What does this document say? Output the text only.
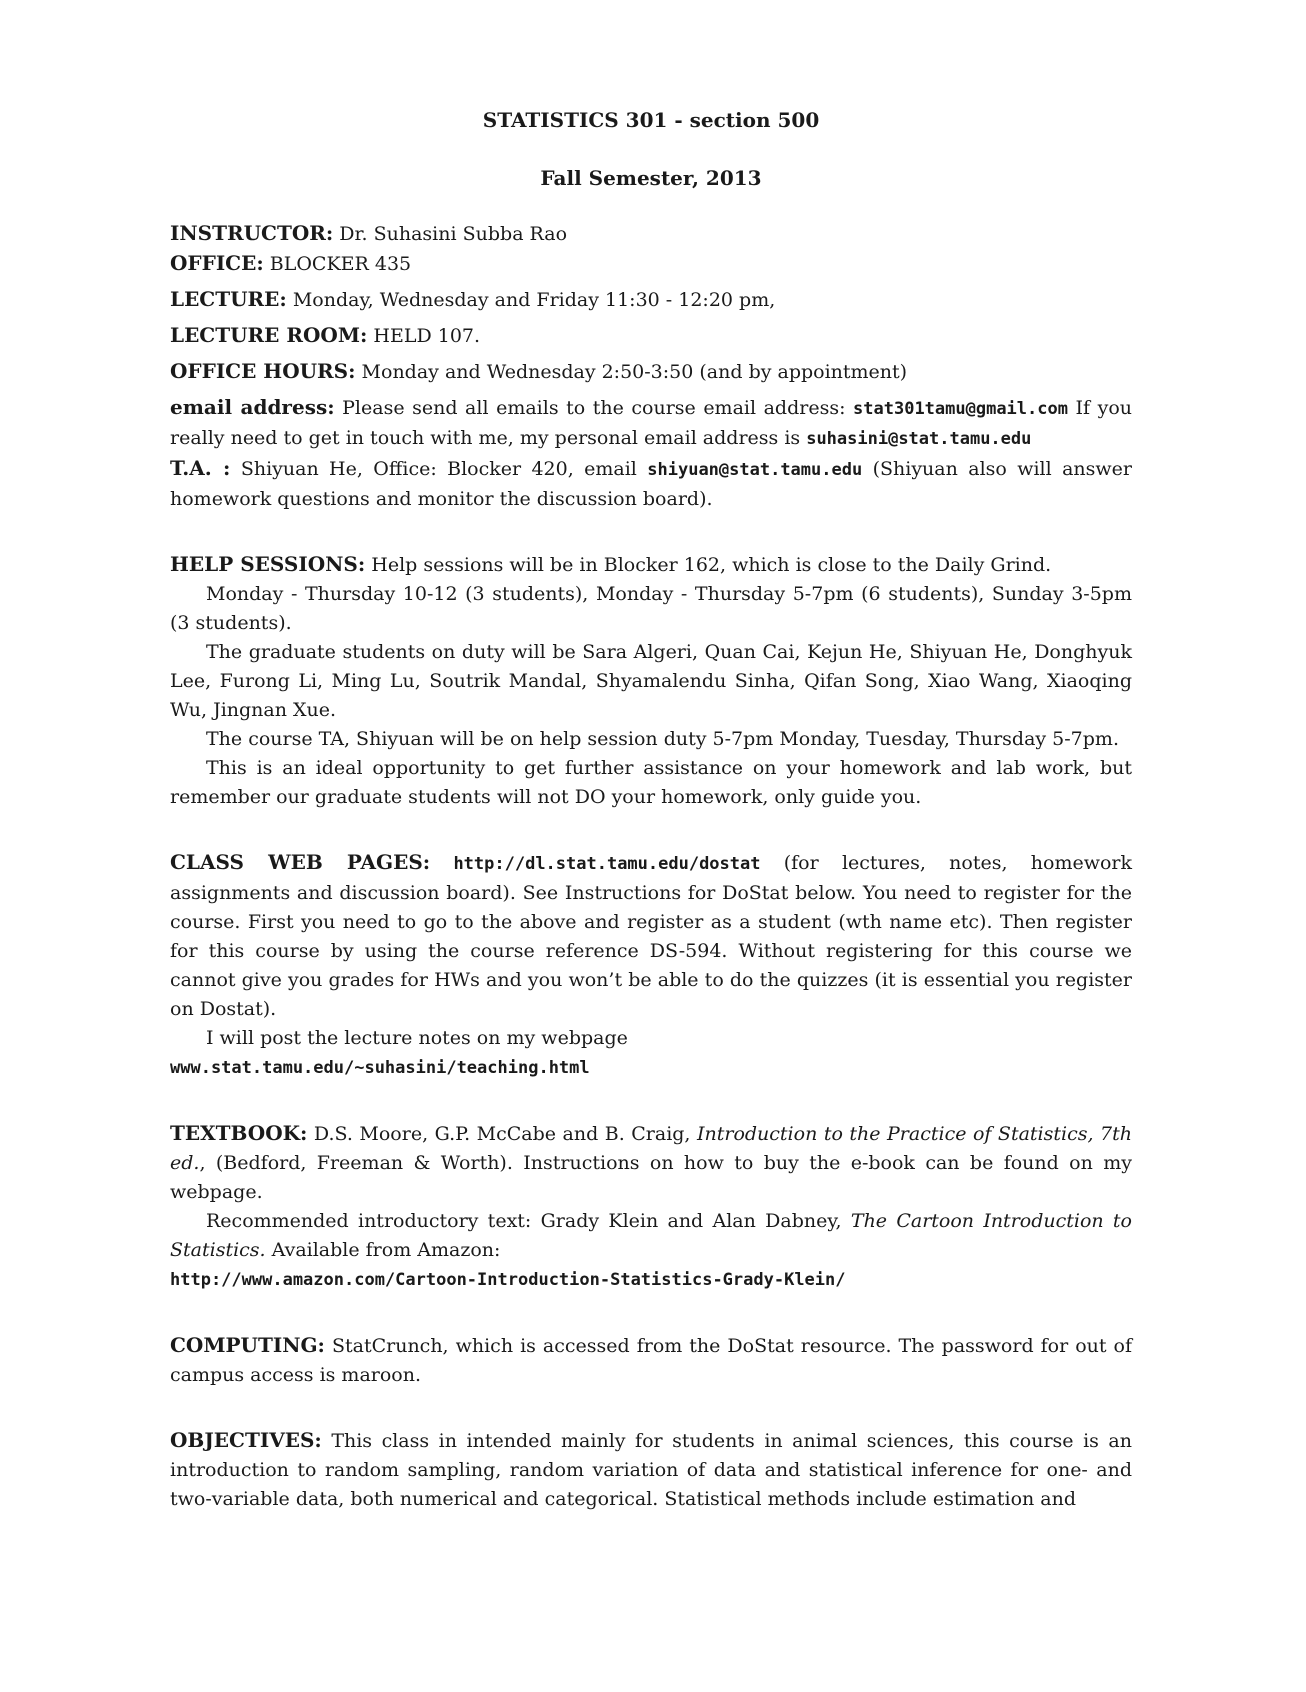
STATISTICS 301 - section 500

Fall Semester, 2013

INSTRUCTOR: Dr. Suhasini Subba Rao

OFFICE: BLOCKER 435

LECTURE: Monday, Wednesday and Friday 11:30 - 12:20 pm,

LECTURE ROOM: HELD 107.

OFFICE HOURS: Monday and Wednesday 2:50-3:50 (and by appointment)

email address: Please send all emails to the course email address: stat301tamu@gmail.com If you really need to get in touch with me, my personal email address is suhasini@stat.tamu.edu

T.A. : Shiyuan He, Office: Blocker 420, email shiyuan@stat.tamu.edu (Shiyuan also will answer homework questions and monitor the discussion board).

HELP SESSIONS: Help sessions will be in Blocker 162, which is close to the Daily Grind.

Monday - Thursday 10-12 (3 students), Monday - Thursday 5-7pm (6 students), Sunday 3-5pm (3 students).

The graduate students on duty will be Sara Algeri, Quan Cai, Kejun He, Shiyuan He, Donghyuk Lee, Furong Li, Ming Lu, Soutrik Mandal, Shyamalendu Sinha, Qifan Song, Xiao Wang, Xiaoqing Wu, Jingnan Xue.

The course TA, Shiyuan will be on help session duty 5-7pm Monday, Tuesday, Thursday 5-7pm.

This is an ideal opportunity to get further assistance on your homework and lab work, but remember our graduate students will not DO your homework, only guide you.

CLASS WEB PAGES: http://dl.stat.tamu.edu/dostat (for lectures, notes, homework assignments and discussion board). See Instructions for DoStat below. You need to register for the course. First you need to go to the above and register as a student (wth name etc). Then register for this course by using the course reference DS-594. Without registering for this course we cannot give you grades for HWs and you won’t be able to do the quizzes (it is essential you register on Dostat).

I will post the lecture notes on my webpage

www.stat.tamu.edu/~suhasini/teaching.html

TEXTBOOK: D.S. Moore, G.P. McCabe and B. Craig, Introduction to the Practice of Statistics, 7th ed., (Bedford, Freeman & Worth). Instructions on how to buy the e-book can be found on my webpage.

Recommended introductory text: Grady Klein and Alan Dabney, The Cartoon Introduction to Statistics. Available from Amazon:

http://www.amazon.com/Cartoon-Introduction-Statistics-Grady-Klein/

COMPUTING: StatCrunch, which is accessed from the DoStat resource. The password for out of campus access is maroon.

OBJECTIVES: This class in intended mainly for students in animal sciences, this course is an introduction to random sampling, random variation of data and statistical inference for one- and two-variable data, both numerical and categorical. Statistical methods include estimation and
